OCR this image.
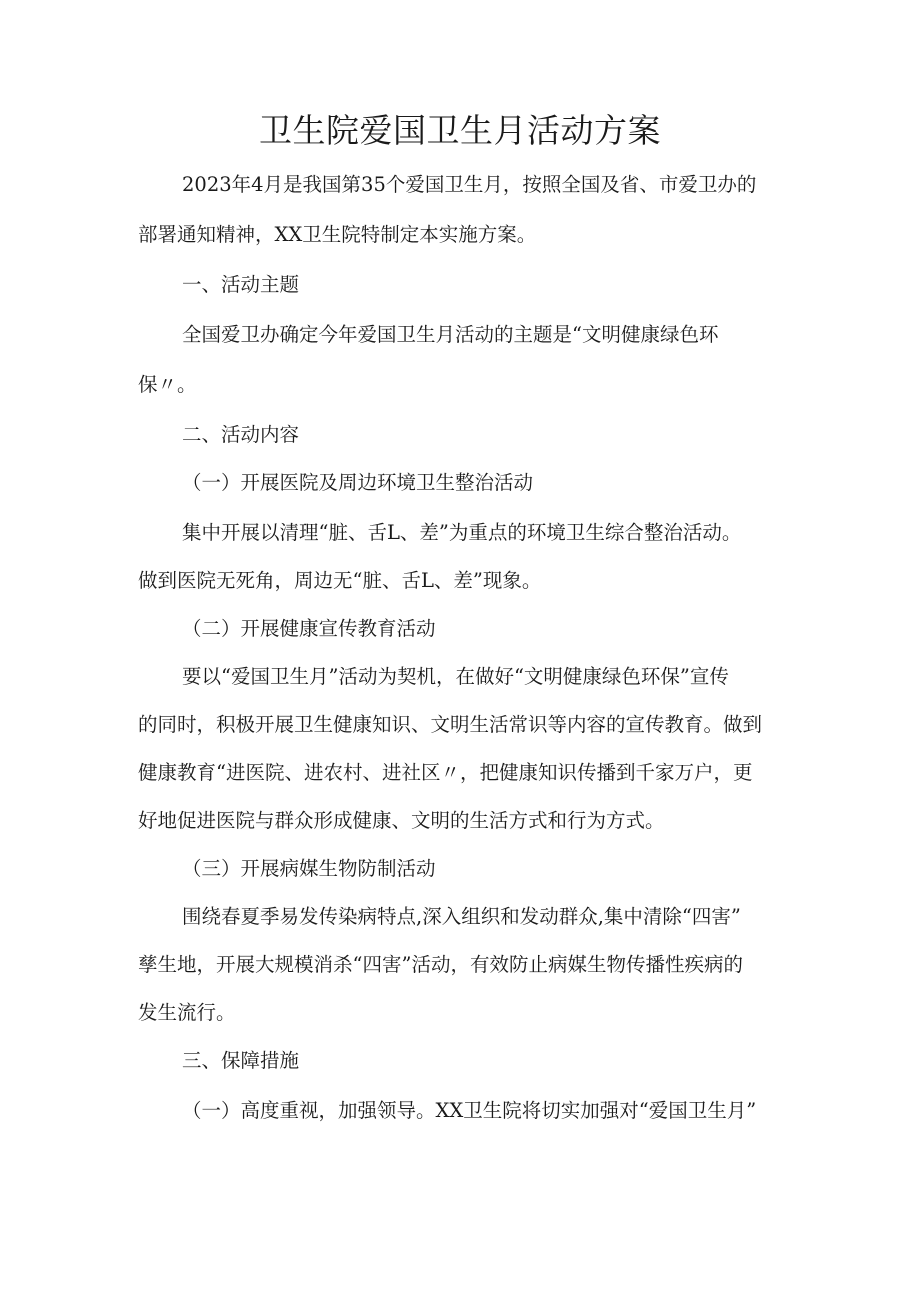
卫生院爱国卫生月活动方案

2023年4月是我国第35个爱国卫生月，按照全国及省、市爱卫办的

部署通知精神，XX卫生院特制定本实施方案。

一、活动主题

全国爱卫办确定今年爱国卫生月活动的主题是“文明健康绿色环

保〃。

二、活动内容

（一）开展医院及周边环境卫生整治活动

集中开展以清理“脏、舌L、差”为重点的环境卫生综合整治活动。

做到医院无死角，周边无“脏、舌L、差”现象。

（二）开展健康宣传教育活动

要以“爱国卫生月”活动为契机，在做好“文明健康绿色环保”宣传

的同时，积极开展卫生健康知识、文明生活常识等内容的宣传教育。做到

健康教育“进医院、进农村、进社区〃，把健康知识传播到千家万户，更

好地促进医院与群众形成健康、文明的生活方式和行为方式。

（三）开展病媒生物防制活动

围绕春夏季易发传染病特点,深入组织和发动群众,集中清除“四害”

孳生地，开展大规模消杀“四害”活动，有效防止病媒生物传播性疾病的

发生流行。

三、保障措施

（一）高度重视，加强领导。XX卫生院将切实加强对“爱国卫生月”
